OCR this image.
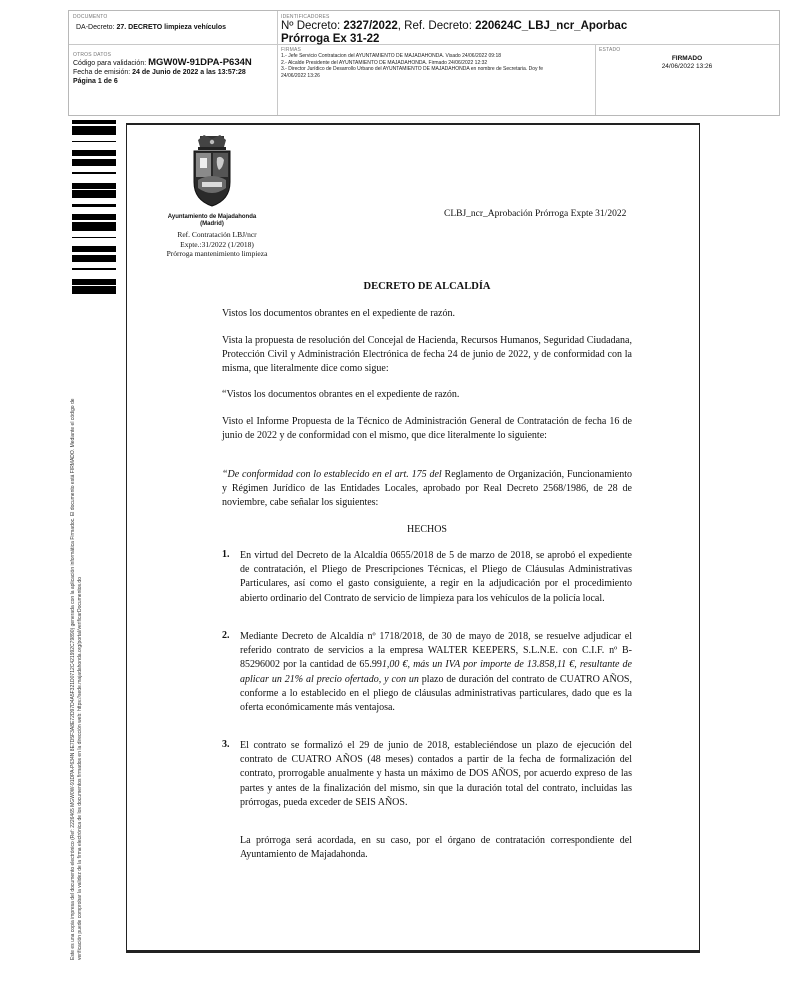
DOCUMENTO
DA-Decreto: 27. DECRETO limpieza vehículos
IDENTIFICADORES
Nº Decreto: 2327/2022, Ref. Decreto: 220624C_LBJ_ncr_Aporbac
Prórroga Ex 31-22
OTROS DATOS
Código para validación: MGW0W-91DPA-P634N
Fecha de emisión: 24 de Junio de 2022 a las 13:57:28
Página 1 de 6
FIRMAS
1.- Jefe Servicio Contratacion del AYUNTAMIENTO DE MAJADAHONDA. Visado 24/06/2022 09:18
2.- Alcalde Presidente del AYUNTAMIENTO DE MAJADAHONDA. Firmado 24/06/2022 12:32
3.- Director Jurídico de Desarrollo Urbano del AYUNTAMIENTO DE MAJADAHONDA en nombre de Secretaria. Doy fe
24/06/2022 13:26
ESTADO
FIRMADO
24/06/2022 13:26
Este es una copia impresa del documento electrónico (Ref: 2226465 MGW0W-91DPA-P634N 8E7D5F3A8E72D97D4A5F321D0712C421992C79890) generada con la aplicación informática Firmadoc. El documento está FIRMADO. Mediante el código de verificación puede comprobar la validez de la firma electrónica de los documentos firmados en la dirección web: https://sede.majadahonda.org/portal/verificarDocumentos.do
Ayuntamiento de Majadahonda
(Madrid)
Ref. Contratación LBJ/ncr
Expte.:31/2022 (1/2018)
Prórroga mantenimiento limpieza
CLBJ_ncr_Aprobación Prórroga Expte 31/2022
DECRETO DE ALCALDÍA

Vistos los documentos obrantes en el expediente de razón.

Vista la propuesta de resolución del Concejal de Hacienda, Recursos Humanos, Seguridad Ciudadana, Protección Civil y Administración Electrónica de fecha 24 de junio de 2022, y de conformidad con la misma, que literalmente dice como sigue:

“Vistos los documentos obrantes en el expediente de razón.

Visto el Informe Propuesta de la Técnico de Administración General de Contratación de fecha 16 de junio de 2022 y de conformidad con el mismo, que dice literalmente lo siguiente:

“De conformidad con lo establecido en el art. 175 del Reglamento de Organización, Funcionamiento y Régimen Jurídico de las Entidades Locales, aprobado por Real Decreto 2568/1986, de 28 de noviembre, cabe señalar los siguientes:

HECHOS
1. En virtud del Decreto de la Alcaldía 0655/2018 de 5 de marzo de 2018, se aprobó el expediente de contratación, el Pliego de Prescripciones Técnicas, el Pliego de Cláusulas Administrativas Particulares, así como el gasto consiguiente, a regir en la adjudicación por el procedimiento abierto ordinario del Contrato de servicio de limpieza para los vehículos de la policía local.

2. Mediante Decreto de Alcaldía nº 1718/2018, de 30 de mayo de 2018, se resuelve adjudicar el referido contrato de servicios a la empresa WALTER KEEPERS, S.L.N.E. con C.I.F. nº B-85296002 por la cantidad de 65.991,00 €, más un IVA por importe de 13.858,11 €, resultante de aplicar un 21% al precio ofertado, y con un plazo de duración del contrato de CUATRO AÑOS, conforme a lo establecido en el pliego de cláusulas administrativas particulares, dado que es la oferta económicamente más ventajosa.

3. El contrato se formalizó el 29 de junio de 2018, estableciéndose un plazo de ejecución del contrato de CUATRO AÑOS (48 meses) contados a partir de la fecha de formalización del contrato, prorrogable anualmente y hasta un máximo de DOS AÑOS, por acuerdo expreso de las partes y antes de la finalización del mismo, sin que la duración total del contrato, incluidas las prórrogas, pueda exceder de SEIS AÑOS.

La prórroga será acordada, en su caso, por el órgano de contratación correspondiente del Ayuntamiento de Majadahonda.
